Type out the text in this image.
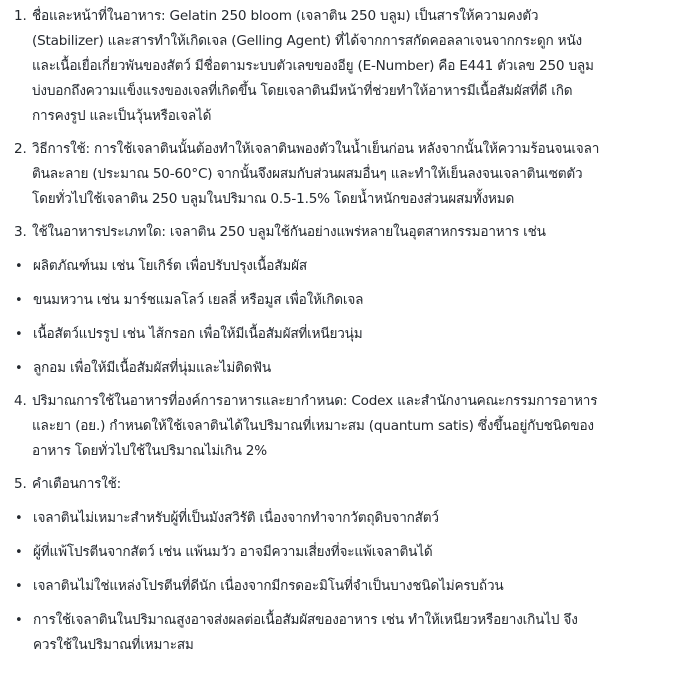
1. ชื่อและหน้าที่ในอาหาร: Gelatin 250 bloom (เจลาติน 250 บลูม) เป็นสารให้ความคงตัว
(Stabilizer) และสารทำให้เกิดเจล (Gelling Agent) ที่ได้จากการสกัดคอลลาเจนจากกระดูก หนัง
และเนื้อเยื่อเกี่ยวพันของสัตว์ มีชื่อตามระบบตัวเลขของอียู (E-Number) คือ E441 ตัวเลข 250 บลูม
บ่งบอกถึงความแข็งแรงของเจลที่เกิดขึ้น โดยเจลาตินมีหน้าที่ช่วยทำให้อาหารมีเนื้อสัมผัสที่ดี เกิด
การคงรูป และเป็นวุ้นหรือเจลได้
2. วิธีการใช้: การใช้เจลาตินนั้นต้องทำให้เจลาตินพองตัวในน้ำเย็นก่อน หลังจากนั้นให้ความร้อนจนเจลา
ตินละลาย (ประมาณ 50-60°C) จากนั้นจึงผสมกับส่วนผสมอื่นๆ และทำให้เย็นลงจนเจลาตินเซตตัว
โดยทั่วไปใช้เจลาติน 250 บลูมในปริมาณ 0.5-1.5% โดยน้ำหนักของส่วนผสมทั้งหมด
3. ใช้ในอาหารประเภทใด: เจลาติน 250 บลูมใช้กันอย่างแพร่หลายในอุตสาหกรรมอาหาร เช่น
• ผลิตภัณฑ์นม เช่น โยเกิร์ต เพื่อปรับปรุงเนื้อสัมผัส
• ขนมหวาน เช่น มาร์ชแมลโลว์ เยลลี่ หรือมูส เพื่อให้เกิดเจล
• เนื้อสัตว์แปรรูป เช่น ไส้กรอก เพื่อให้มีเนื้อสัมผัสที่เหนียวนุ่ม
• ลูกอม เพื่อให้มีเนื้อสัมผัสที่นุ่มและไม่ติดฟัน
4. ปริมาณการใช้ในอาหารที่องค์การอาหารและยากำหนด: Codex และสำนักงานคณะกรรมการอาหาร
และยา (อย.) กำหนดให้ใช้เจลาตินได้ในปริมาณที่เหมาะสม (quantum satis) ซึ่งขึ้นอยู่กับชนิดของ
อาหาร โดยทั่วไปใช้ในปริมาณไม่เกิน 2%
5. คำเตือนการใช้:
• เจลาตินไม่เหมาะสำหรับผู้ที่เป็นมังสวิรัติ เนื่องจากทำจากวัตถุดิบจากสัตว์
• ผู้ที่แพ้โปรตีนจากสัตว์ เช่น แพ้นมวัว อาจมีความเสี่ยงที่จะแพ้เจลาตินได้
• เจลาตินไม่ใช่แหล่งโปรตีนที่ดีนัก เนื่องจากมีกรดอะมิโนที่จำเป็นบางชนิดไม่ครบถ้วน
• การใช้เจลาตินในปริมาณสูงอาจส่งผลต่อเนื้อสัมผัสของอาหาร เช่น ทำให้เหนียวหรือยางเกินไป จึง
ควรใช้ในปริมาณที่เหมาะสม
